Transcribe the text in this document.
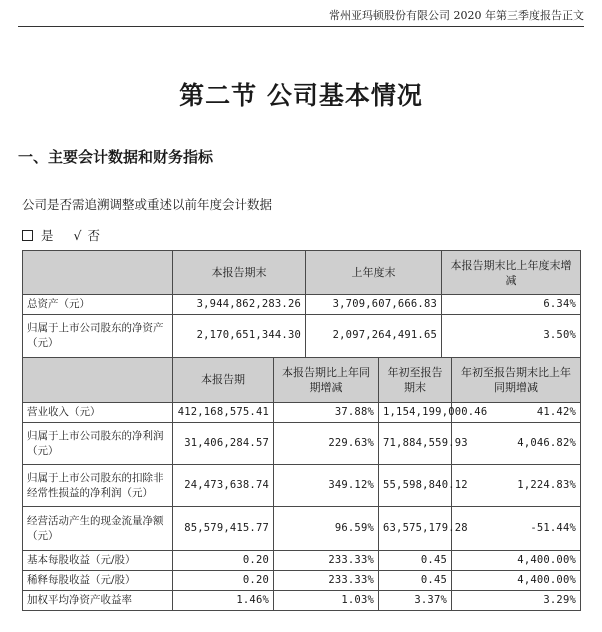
常州亚玛顿股份有限公司 2020 年第三季度报告正文
第二节 公司基本情况
一、主要会计数据和财务指标
公司是否需追溯调整或重述以前年度会计数据
是 √ 否
	本报告期末		上年度末		本报告期末比上年度末增减	
总资产（元）	3,944,862,283.26		3,709,607,666.83		6.34%	
归属于上市公司股东的净资产（元）	2,170,651,344.30		2,097,264,491.65		3.50%	
	本报告期	本报告期比上年同期增减		年初至报告期末		年初至报告期末比上年同期增减
营业收入（元）	412,168,575.41	37.88%		1,154,199,000.46		41.42%
归属于上市公司股东的净利润（元）	31,406,284.57	229.63%		71,884,559.93		4,046.82%
归属于上市公司股东的扣除非经常性损益的净利润（元）	24,473,638.74	349.12%		55,598,840.12		1,224.83%
经营活动产生的现金流量净额（元）	85,579,415.77	96.59%		63,575,179.28		-51.44%
基本每股收益（元/股）	0.20	233.33%		0.45		4,400.00%
稀释每股收益（元/股）	0.20	233.33%		0.45		4,400.00%
加权平均净资产收益率	1.46%	1.03%		3.37%		3.29%
